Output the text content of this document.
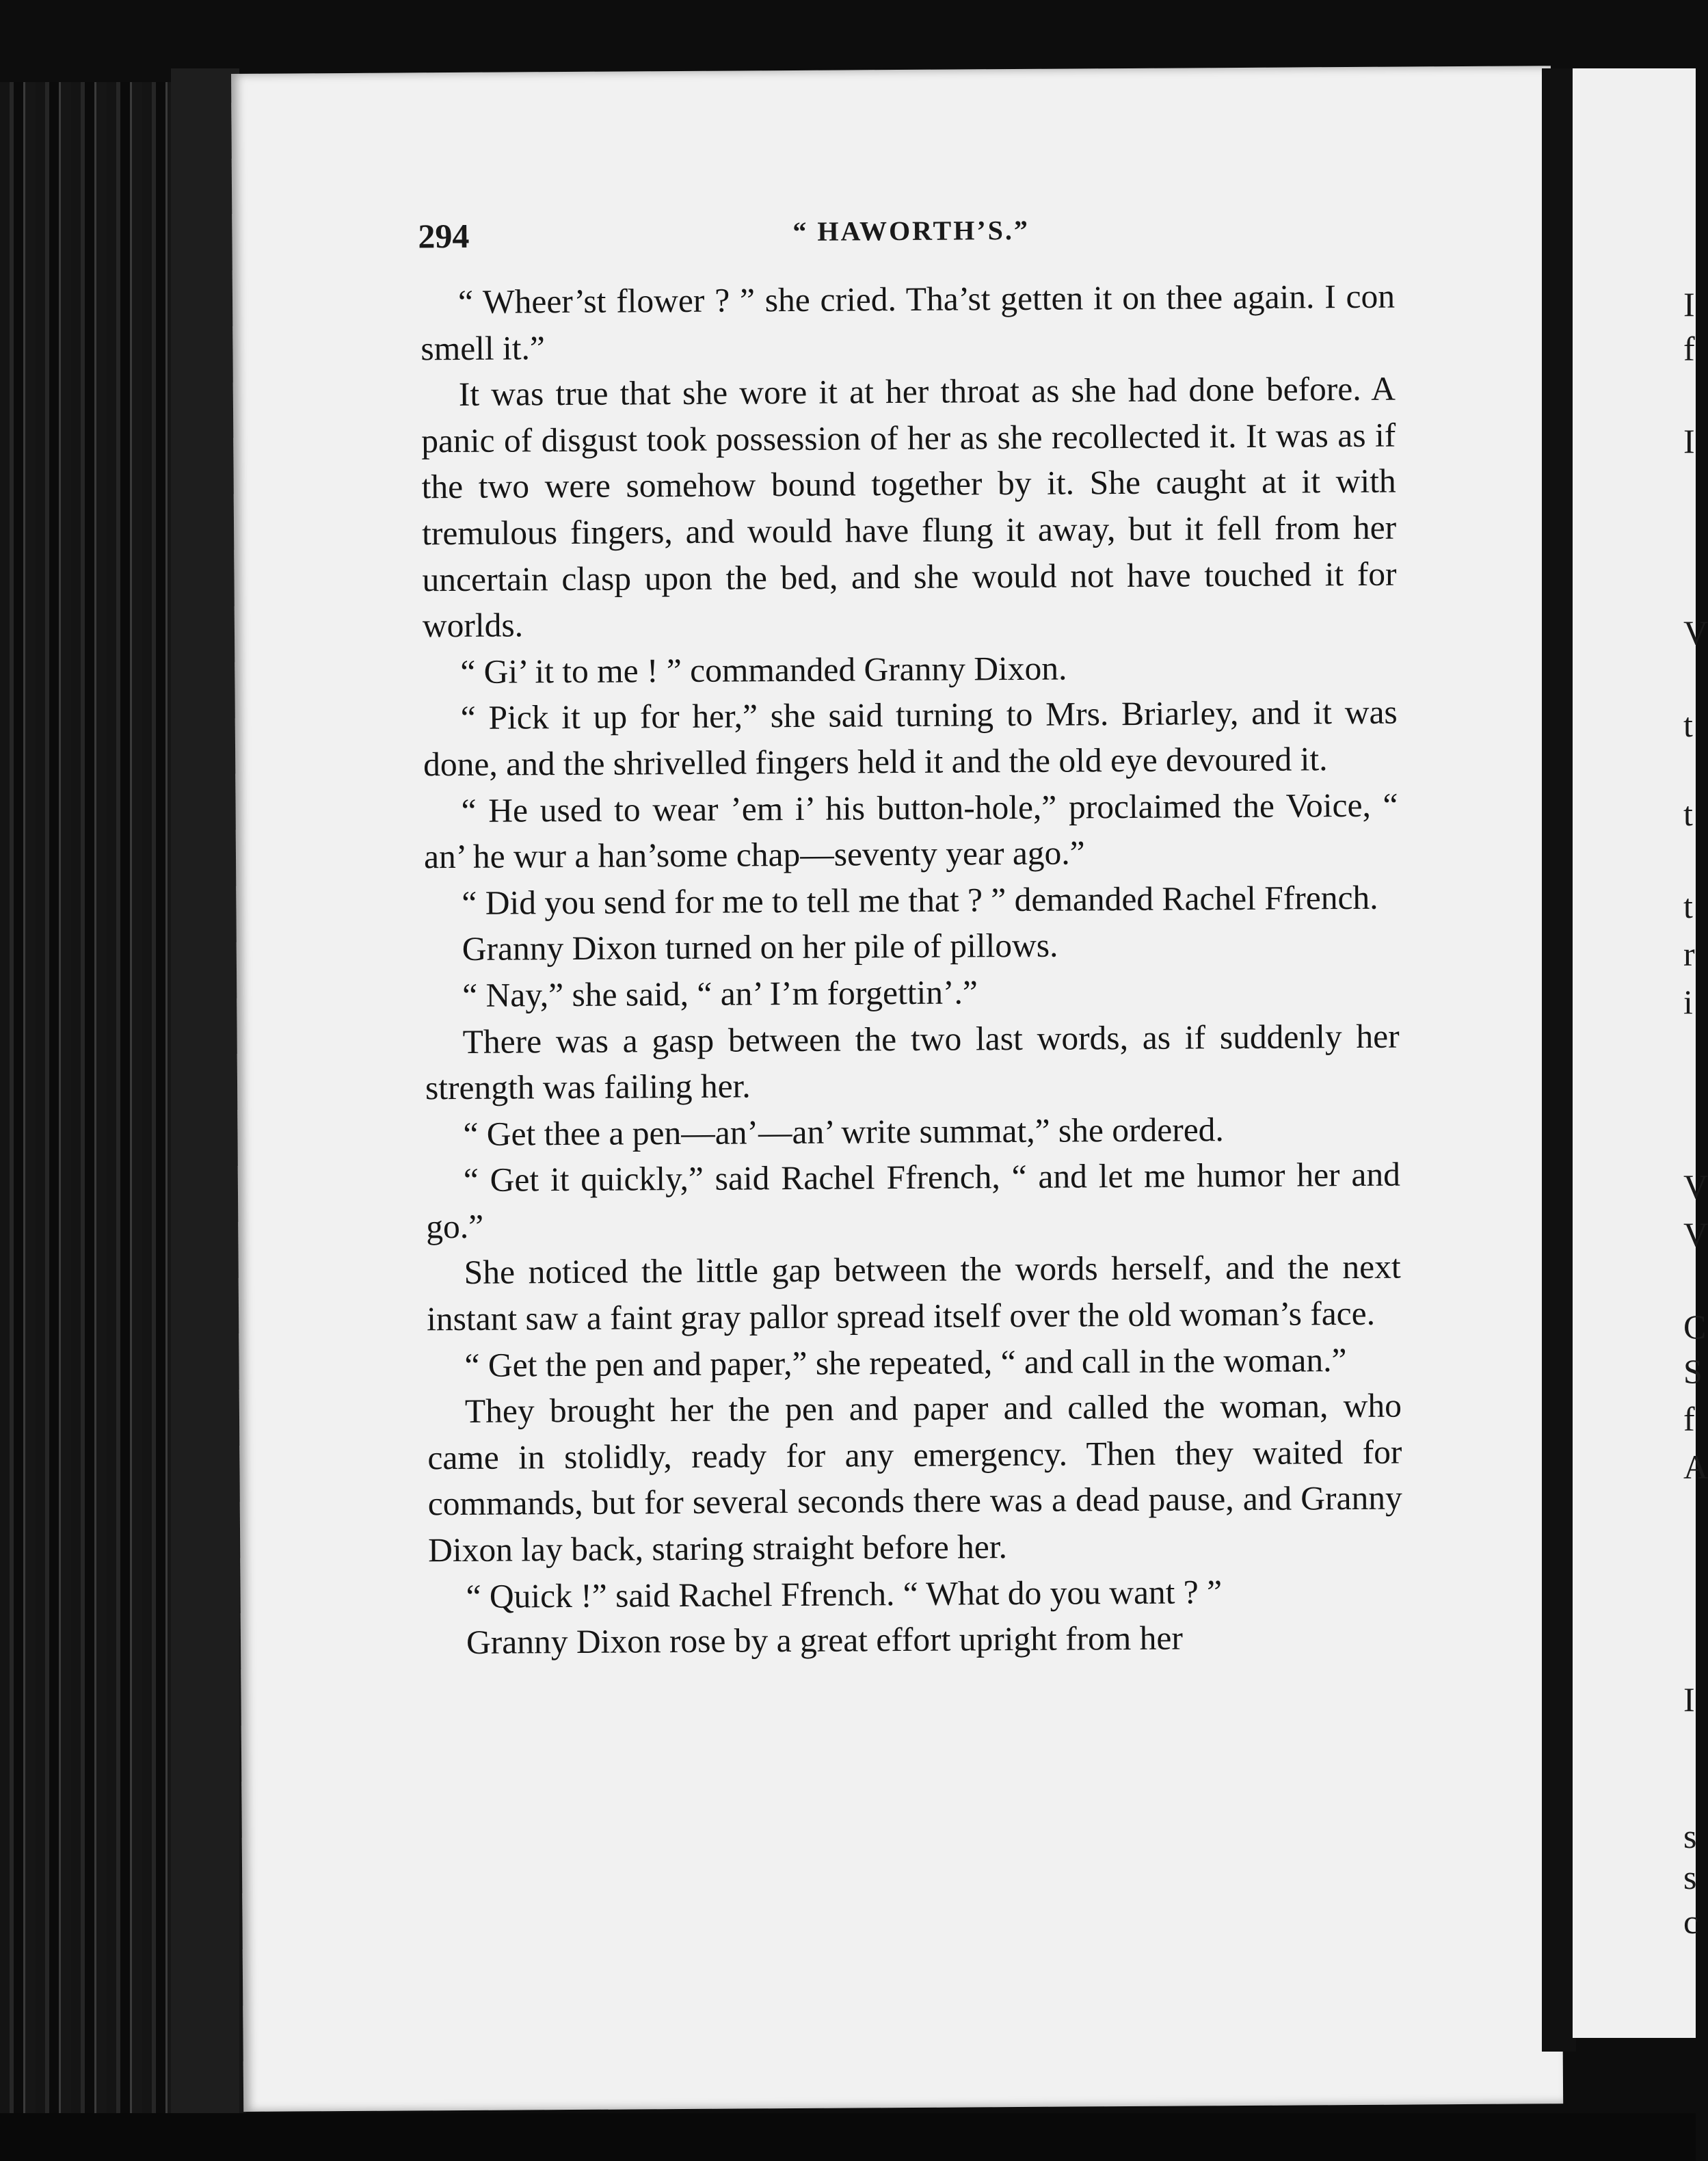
294	“ HAWORTH’S.”

“ Wheer’st flower ? ” she cried. Tha’st getten it on thee again. I con smell it.”

It was true that she wore it at her throat as she had done before. A panic of disgust took possession of her as she recollected it. It was as if the two were somehow bound together by it. She caught at it with tremulous fingers, and would have flung it away, but it fell from her uncertain clasp upon the bed, and she would not have touched it for worlds.

“ Gi’ it to me ! ” commanded Granny Dixon.

“ Pick it up for her,” she said turning to Mrs. Briarley, and it was done, and the shrivelled fingers held it and the old eye devoured it.

“ He used to wear ’em i’ his button-hole,” proclaimed the Voice, “ an’ he wur a han’some chap—seventy year ago.”

“ Did you send for me to tell me that ? ” demanded Rachel Ffrench.

Granny Dixon turned on her pile of pillows.

“ Nay,” she said, “ an’ I’m forgettin’.”

There was a gasp between the two last words, as if suddenly her strength was failing her.

“ Get thee a pen—an’—an’ write summat,” she ordered.

“ Get it quickly,” said Rachel Ffrench, “ and let me humor her and go.”

She noticed the little gap between the words herself, and the next instant saw a faint gray pallor spread itself over the old woman’s face.

“ Get the pen and paper,” she repeated, “ and call in the woman.”

They brought her the pen and paper and called the woman, who came in stolidly, ready for any emergency. Then they waited for commands, but for several seconds there was a dead pause, and Granny Dixon lay back, staring straight before her.

“ Quick !” said Rachel Ffrench. “ What do you want ? ”

Granny Dixon rose by a great effort upright from her

I
f
I
V
t
t
t
r
i
V
V
C
S
f
A
I
s
s
c
